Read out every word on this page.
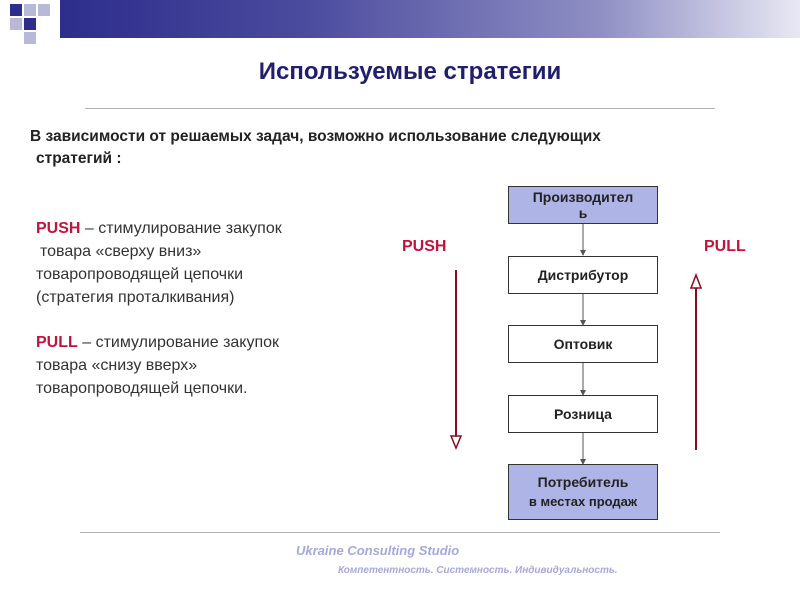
Используемые стратегии
В зависимости от решаемых задач, возможно использование следующих
стратегий :
PUSH – стимулирование закупок
товара «сверху вниз»
товаропроводящей цепочки
(стратегия проталкивания)
PULL – стимулирование закупок
товара «снизу вверх»
товаропроводящей цепочки.
PUSH	PULL
Производител
ь
Дистрибутор
Оптовик
Розница
Потребитель
в местах продаж
Ukraine Consulting Studio
Компетентность. Системность. Индивидуальность.
